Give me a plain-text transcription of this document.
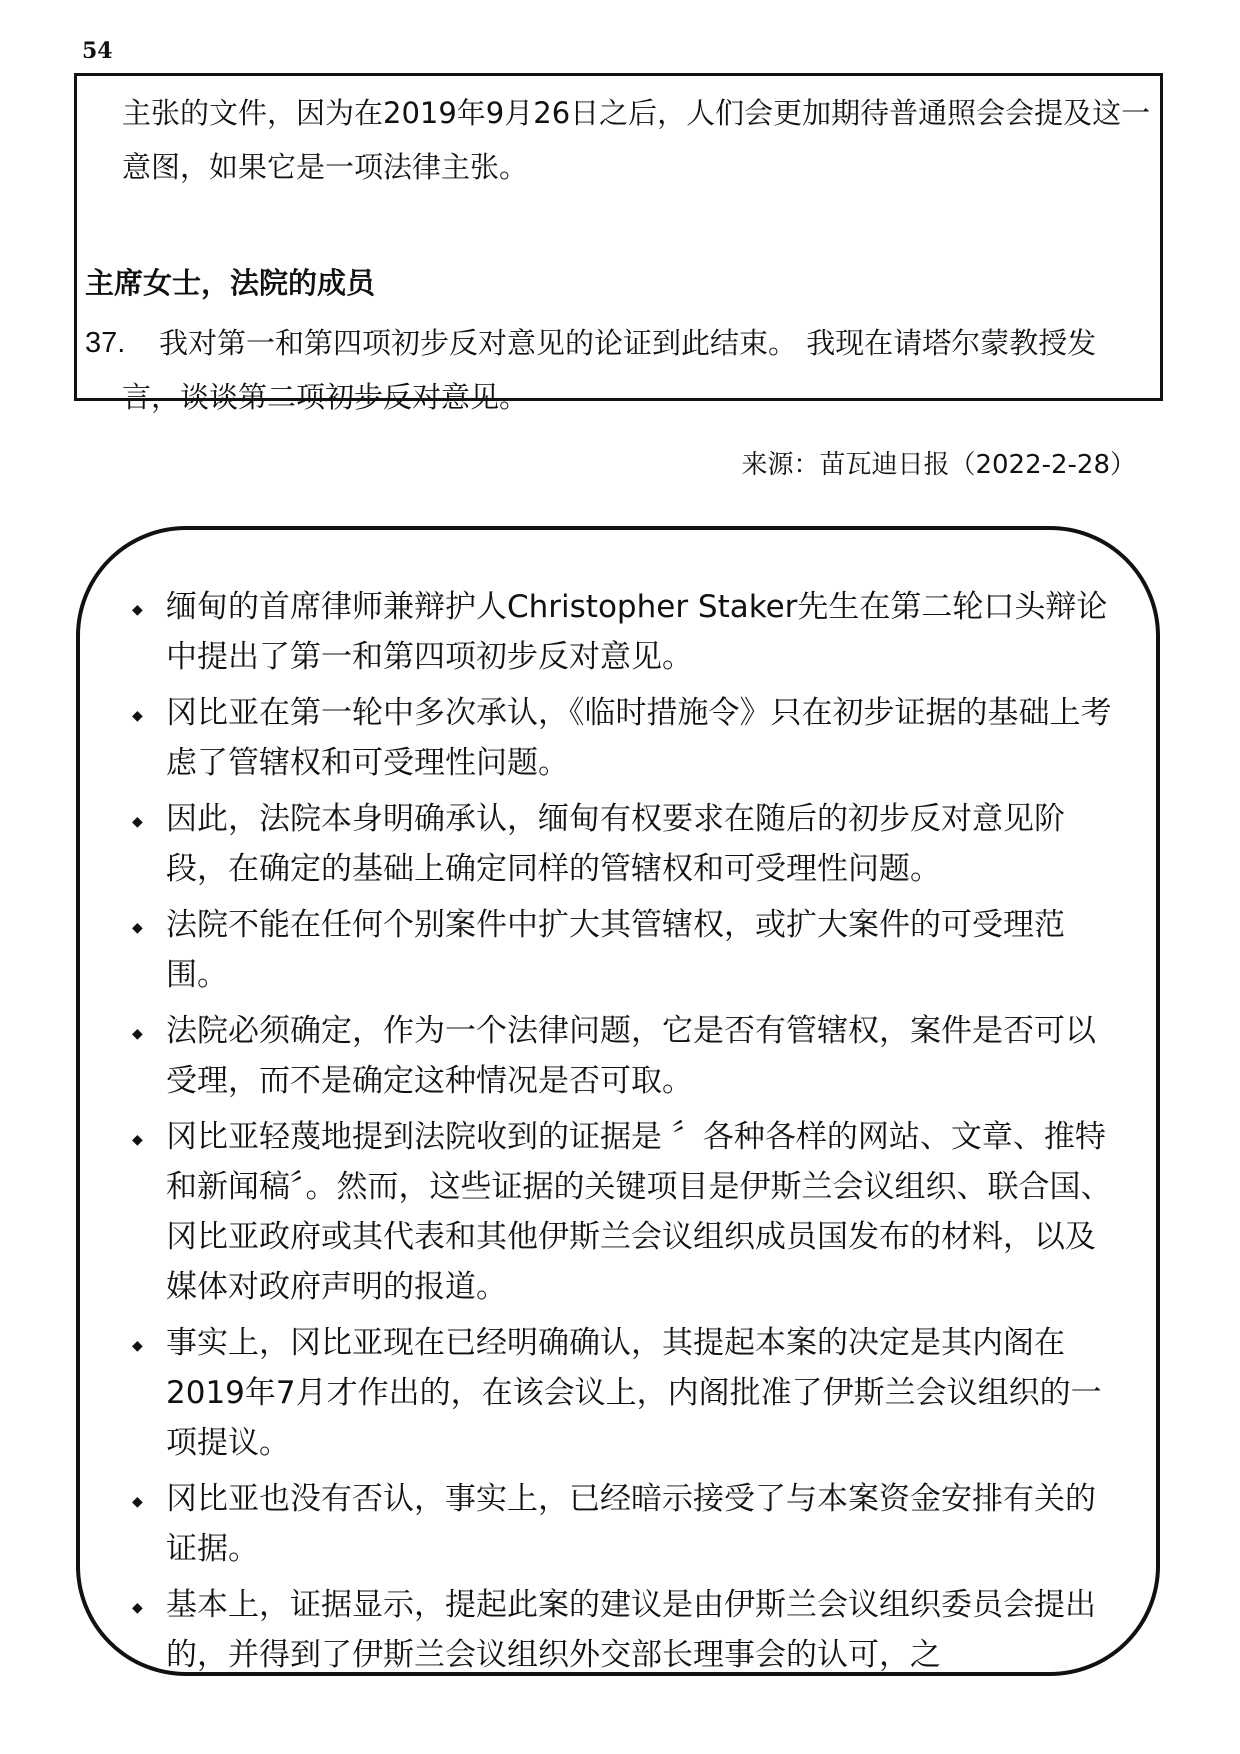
54

主张的文件，因为在2019年9月26日之后，人们会更加期待普通照会会提及这一意图，如果它是一项法律主张。

主席女士，法院的成员
37.	我对第一和第四项初步反对意见的论证到此结束。 我现在请塔尔蒙教授发言，谈谈第二项初步反对意见。
来源：苗瓦迪日报（2022-2-28）
◆ 缅甸的首席律师兼辩护人Christopher Staker先生在第二轮口头辩论中提出了第一和第四项初步反对意见。
◆ 冈比亚在第一轮中多次承认，《临时措施令》只在初步证据的基础上考虑了管辖权和可受理性问题。
◆ 因此，法院本身明确承认，缅甸有权要求在随后的初步反对意见阶段，在确定的基础上确定同样的管辖权和可受理性问题。
◆ 法院不能在任何个别案件中扩大其管辖权，或扩大案件的可受理范围。
◆ 法院必须确定，作为一个法律问题，它是否有管辖权，案件是否可以受理，而不是确定这种情况是否可取。
◆ 冈比亚轻蔑地提到法院收到的证据是 〞各种各样的网站、文章、推特和新闻稿〞。然而，这些证据的关键项目是伊斯兰会议组织、联合国、冈比亚政府或其代表和其他伊斯兰会议组织成员国发布的材料，以及媒体对政府声明的报道。
◆ 事实上，冈比亚现在已经明确确认，其提起本案的决定是其内阁在2019年7月才作出的，在该会议上，内阁批准了伊斯兰会议组织的一项提议。
◆ 冈比亚也没有否认，事实上，已经暗示接受了与本案资金安排有关的证据。
◆ 基本上，证据显示，提起此案的建议是由伊斯兰会议组织委员会提出的，并得到了伊斯兰会议组织外交部长理事会的认可，之
